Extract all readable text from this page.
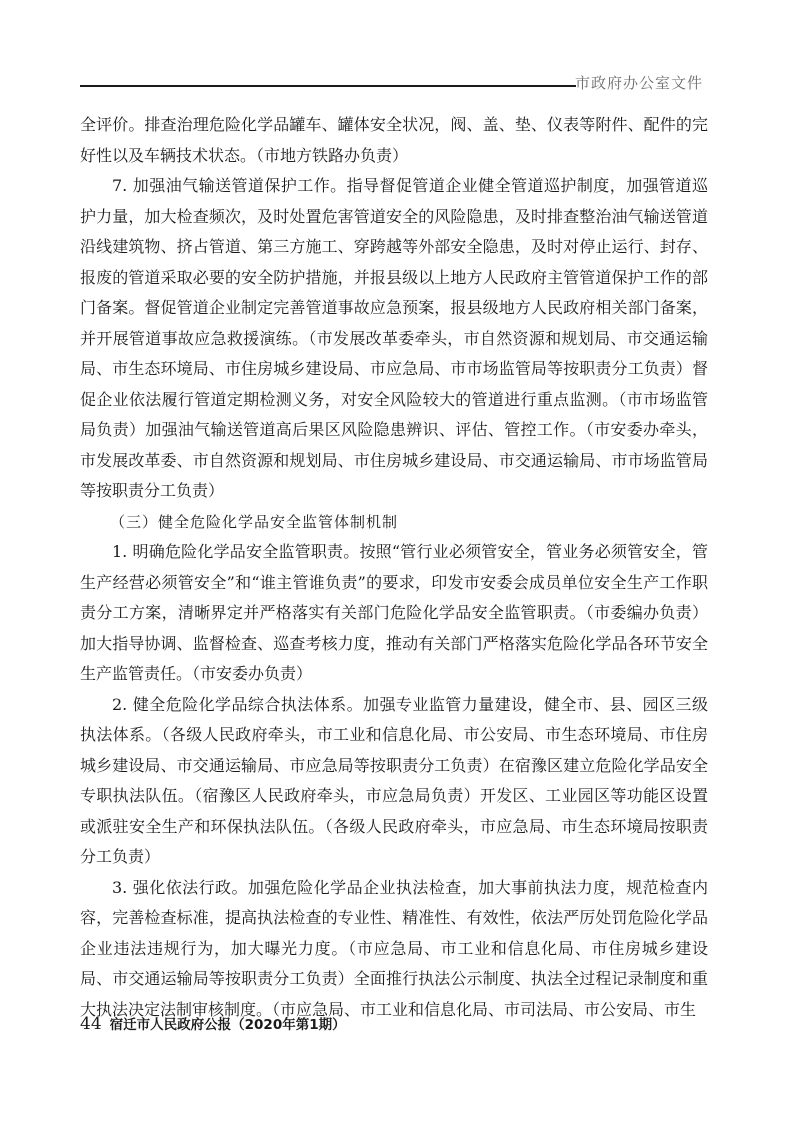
市政府办公室文件

全评价。排查治理危险化学品罐车、罐体安全状况，阀、盖、垫、仪表等附件、配件的完好性以及车辆技术状态。（市地方铁路办负责）

7. 加强油气输送管道保护工作。指导督促管道企业健全管道巡护制度，加强管道巡护力量，加大检查频次，及时处置危害管道安全的风险隐患，及时排查整治油气输送管道沿线建筑物、挤占管道、第三方施工、穿跨越等外部安全隐患，及时对停止运行、封存、报废的管道采取必要的安全防护措施，并报县级以上地方人民政府主管管道保护工作的部门备案。督促管道企业制定完善管道事故应急预案，报县级地方人民政府相关部门备案，并开展管道事故应急救援演练。（市发展改革委牵头，市自然资源和规划局、市交通运输局、市生态环境局、市住房城乡建设局、市应急局、市市场监管局等按职责分工负责）督促企业依法履行管道定期检测义务，对安全风险较大的管道进行重点监测。（市市场监管局负责）加强油气输送管道高后果区风险隐患辨识、评估、管控工作。（市安委办牵头，市发展改革委、市自然资源和规划局、市住房城乡建设局、市交通运输局、市市场监管局等按职责分工负责）

（三）健全危险化学品安全监管体制机制

1. 明确危险化学品安全监管职责。按照“管行业必须管安全，管业务必须管安全，管生产经营必须管安全”和“谁主管谁负责”的要求，印发市安委会成员单位安全生产工作职责分工方案，清晰界定并严格落实有关部门危险化学品安全监管职责。（市委编办负责）加大指导协调、监督检查、巡查考核力度，推动有关部门严格落实危险化学品各环节安全生产监管责任。（市安委办负责）

2. 健全危险化学品综合执法体系。加强专业监管力量建设，健全市、县、园区三级执法体系。（各级人民政府牵头，市工业和信息化局、市公安局、市生态环境局、市住房城乡建设局、市交通运输局、市应急局等按职责分工负责）在宿豫区建立危险化学品安全专职执法队伍。（宿豫区人民政府牵头，市应急局负责）开发区、工业园区等功能区设置或派驻安全生产和环保执法队伍。（各级人民政府牵头，市应急局、市生态环境局按职责分工负责）

3. 强化依法行政。加强危险化学品企业执法检查，加大事前执法力度，规范检查内容，完善检查标准，提高执法检查的专业性、精准性、有效性，依法严厉处罚危险化学品企业违法违规行为，加大曝光力度。（市应急局、市工业和信息化局、市住房城乡建设局、市交通运输局等按职责分工负责）全面推行执法公示制度、执法全过程记录制度和重大执法决定法制审核制度。（市应急局、市工业和信息化局、市司法局、市公安局、市生

44 宿迁市人民政府公报（2020年第1期）
